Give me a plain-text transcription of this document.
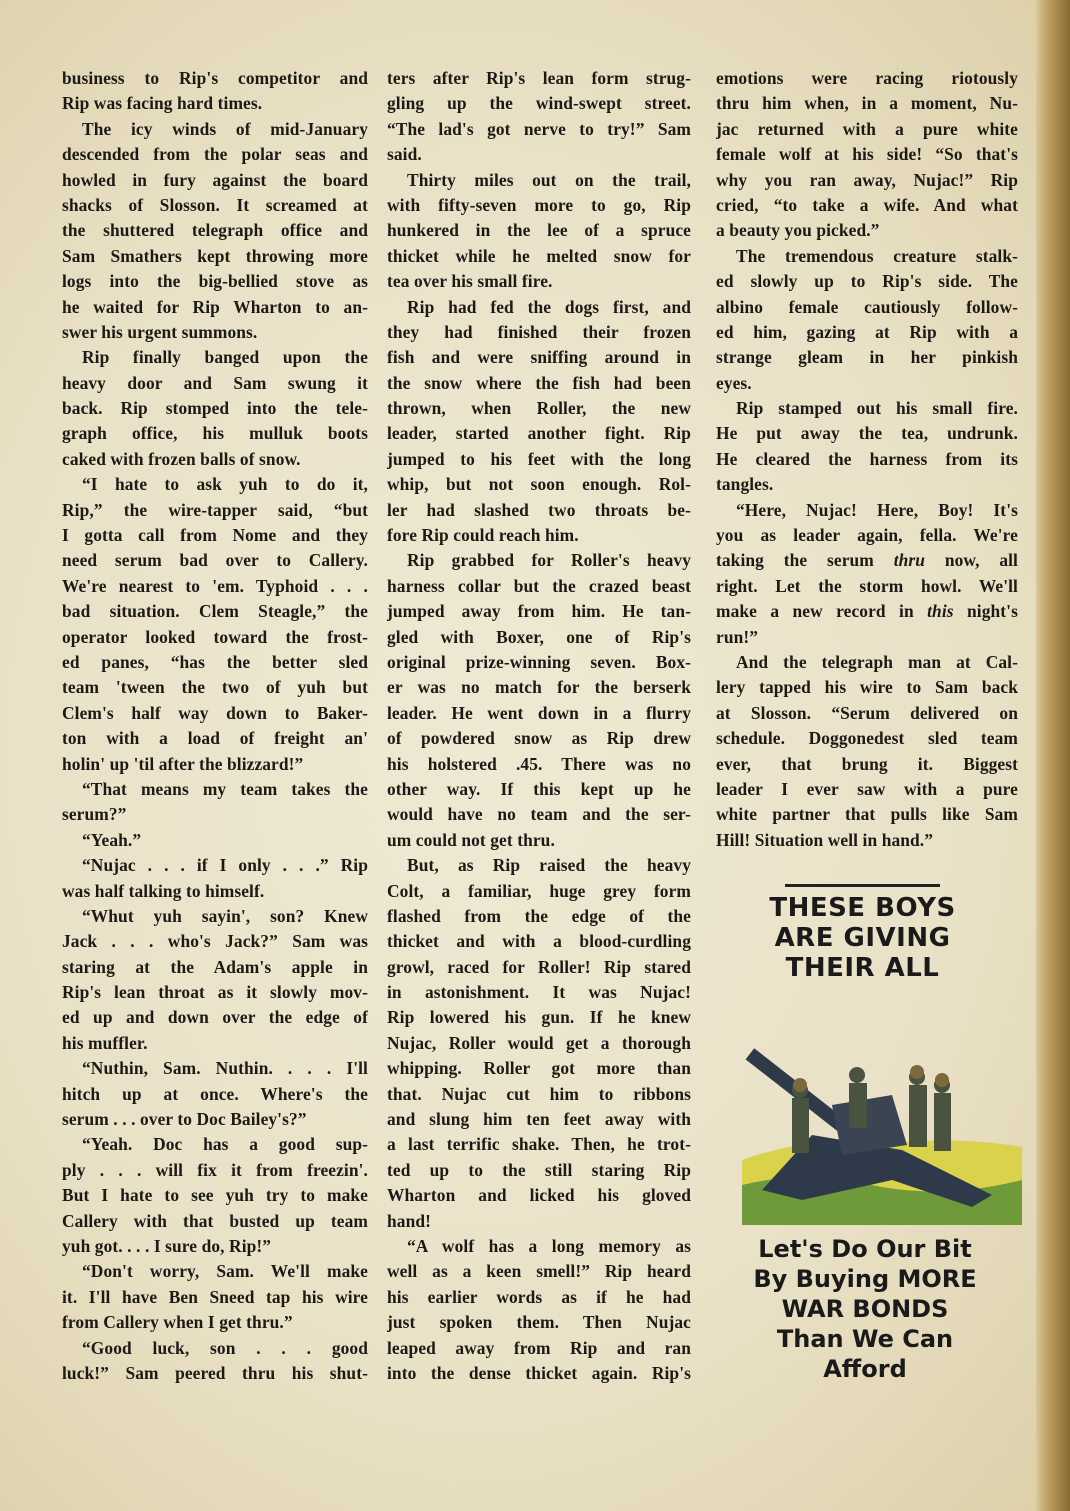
business to Rip's competitor and
Rip was facing hard times.
The icy winds of mid-January
descended from the polar seas and
howled in fury against the board
shacks of Slosson. It screamed at
the shuttered telegraph office and
Sam Smathers kept throwing more
logs into the big-bellied stove as
he waited for Rip Wharton to an-
swer his urgent summons.
Rip finally banged upon the
heavy door and Sam swung it
back. Rip stomped into the tele-
graph office, his mulluk boots
caked with frozen balls of snow.
“I hate to ask yuh to do it,
Rip,” the wire-tapper said, “but
I gotta call from Nome and they
need serum bad over to Callery.
We're nearest to 'em. Typhoid . . .
bad situation. Clem Steagle,” the
operator looked toward the frost-
ed panes, “has the better sled
team 'tween the two of yuh but
Clem's half way down to Baker-
ton with a load of freight an'
holin' up 'til after the blizzard!”
“That means my team takes the
serum?”
“Yeah.”
“Nujac . . . if I only . . .” Rip
was half talking to himself.
“Whut yuh sayin', son? Knew
Jack . . . who's Jack?” Sam was
staring at the Adam's apple in
Rip's lean throat as it slowly mov-
ed up and down over the edge of
his muffler.
“Nuthin, Sam. Nuthin. . . . I'll
hitch up at once. Where's the
serum . . . over to Doc Bailey's?”
“Yeah. Doc has a good sup-
ply . . . will fix it from freezin'.
But I hate to see yuh try to make
Callery with that busted up team
yuh got. . . . I sure do, Rip!”
“Don't worry, Sam. We'll make
it. I'll have Ben Sneed tap his wire
from Callery when I get thru.”
“Good luck, son . . . good
luck!” Sam peered thru his shut-
ters after Rip's lean form strug-
gling up the wind-swept street.
“The lad's got nerve to try!” Sam
said.
Thirty miles out on the trail,
with fifty-seven more to go, Rip
hunkered in the lee of a spruce
thicket while he melted snow for
tea over his small fire.
Rip had fed the dogs first, and
they had finished their frozen
fish and were sniffing around in
the snow where the fish had been
thrown, when Roller, the new
leader, started another fight. Rip
jumped to his feet with the long
whip, but not soon enough. Rol-
ler had slashed two throats be-
fore Rip could reach him.
Rip grabbed for Roller's heavy
harness collar but the crazed beast
jumped away from him. He tan-
gled with Boxer, one of Rip's
original prize-winning seven. Box-
er was no match for the berserk
leader. He went down in a flurry
of powdered snow as Rip drew
his holstered .45. There was no
other way. If this kept up he
would have no team and the ser-
um could not get thru.
But, as Rip raised the heavy
Colt, a familiar, huge grey form
flashed from the edge of the
thicket and with a blood-curdling
growl, raced for Roller! Rip stared
in astonishment. It was Nujac!
Rip lowered his gun. If he knew
Nujac, Roller would get a thorough
whipping. Roller got more than
that. Nujac cut him to ribbons
and slung him ten feet away with
a last terrific shake. Then, he trot-
ted up to the still staring Rip
Wharton and licked his gloved
hand!
“A wolf has a long memory as
well as a keen smell!” Rip heard
his earlier words as if he had
just spoken them. Then Nujac
leaped away from Rip and ran
into the dense thicket again. Rip's
emotions were racing riotously
thru him when, in a moment, Nu-
jac returned with a pure white
female wolf at his side! “So that's
why you ran away, Nujac!” Rip
cried, “to take a wife. And what
a beauty you picked.”
The tremendous creature stalk-
ed slowly up to Rip's side. The
albino female cautiously follow-
ed him, gazing at Rip with a
strange gleam in her pinkish
eyes.
Rip stamped out his small fire.
He put away the tea, undrunk.
He cleared the harness from its
tangles.
“Here, Nujac! Here, Boy! It's
you as leader again, fella. We're
taking the serum thru now, all
right. Let the storm howl. We'll
make a new record in this night's
run!”
And the telegraph man at Cal-
lery tapped his wire to Sam back
at Slosson. “Serum delivered on
schedule. Doggonedest sled team
ever, that brung it. Biggest
leader I ever saw with a pure
white partner that pulls like Sam
Hill! Situation well in hand.”
THESE BOYS
ARE GIVING
THEIR ALL
Let's Do Our Bit
By Buying MORE
WAR BONDS
Than We Can
Afford
